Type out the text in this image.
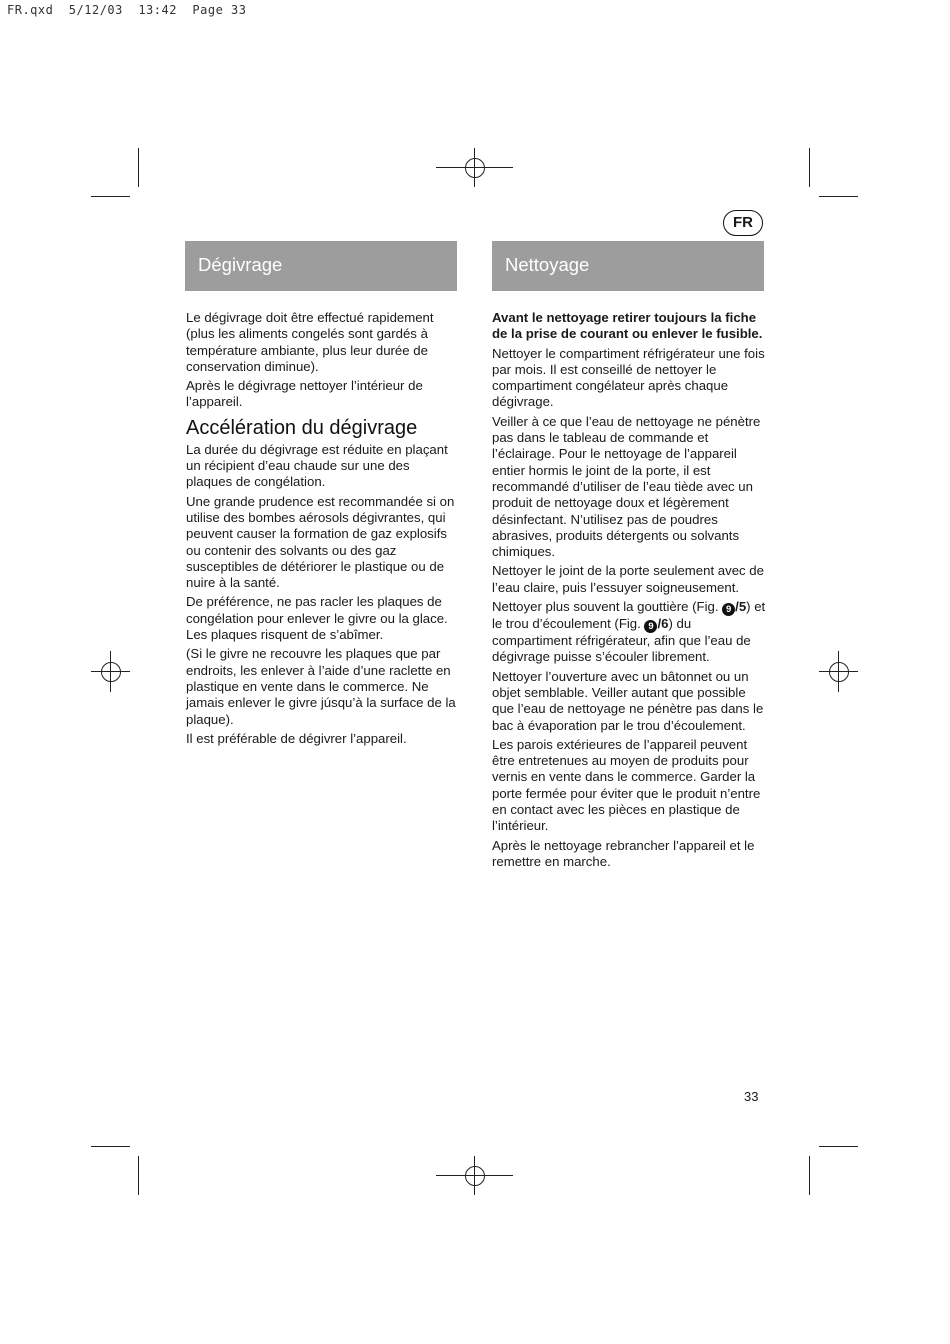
FR.qxd  5/12/03  13:42  Page 33
FR
Dégivrage	Nettoyage

Le dégivrage doit être effectué rapidement (plus les aliments congelés sont gardés à température ambiante, plus leur durée de conservation diminue).

Après le dégivrage nettoyer l’intérieur de l’appareil.

Accélération du dégivrage

La durée du dégivrage est réduite en plaçant un récipient d’eau chaude sur une des plaques de congélation.

Une grande prudence est recommandée si on utilise des bombes aérosols dégivrantes, qui peuvent causer la formation de gaz explosifs ou contenir des solvants ou des gaz susceptibles de détériorer le plastique ou de nuire à la santé.

De préférence, ne pas racler les plaques de congélation pour enlever le givre ou la glace. Les plaques risquent de s’abîmer.

(Si le givre ne recouvre les plaques que par endroits, les enlever à l’aide d’une raclette en plastique en vente dans le commerce. Ne jamais enlever le givre júsqu’à la surface de la plaque).

Il est préférable de dégivrer l’appareil.

Avant le nettoyage retirer toujours la fiche de la prise de courant ou enlever le fusible.

Nettoyer le compartiment réfrigérateur une fois par mois. Il est conseillé de nettoyer le compartiment congélateur après chaque dégivrage.

Veiller à ce que l’eau de nettoyage ne pénètre pas dans le tableau de commande et l’éclairage. Pour le nettoyage de l’appareil entier hormis le joint de la porte, il est recommandé d’utiliser de l’eau tiède avec un produit de nettoyage doux et légèrement désinfectant. N’utilisez pas de poudres abrasives, produits détergents ou solvants chimiques.

Nettoyer le joint de la porte seulement avec de l’eau claire, puis l’essuyer soigneusement.

Nettoyer plus souvent la gouttière (Fig. 9 /5) et le trou d’écoulement (Fig. 9 /6) du compartiment réfrigérateur, afin que l’eau de dégivrage puisse s’écouler librement.

Nettoyer l’ouverture avec un bâtonnet ou un objet semblable. Veiller autant que possible que l’eau de nettoyage ne pénètre pas dans le bac à évaporation par le trou d’écoulement.

Les parois extérieures de l’appareil peuvent être entretenues au moyen de produits pour vernis en vente dans le commerce. Garder la porte fermée pour éviter que le produit n’entre en contact avec les pièces en plastique de l’intérieur.

Après le nettoyage rebrancher l’appareil et le remettre en marche.

33
